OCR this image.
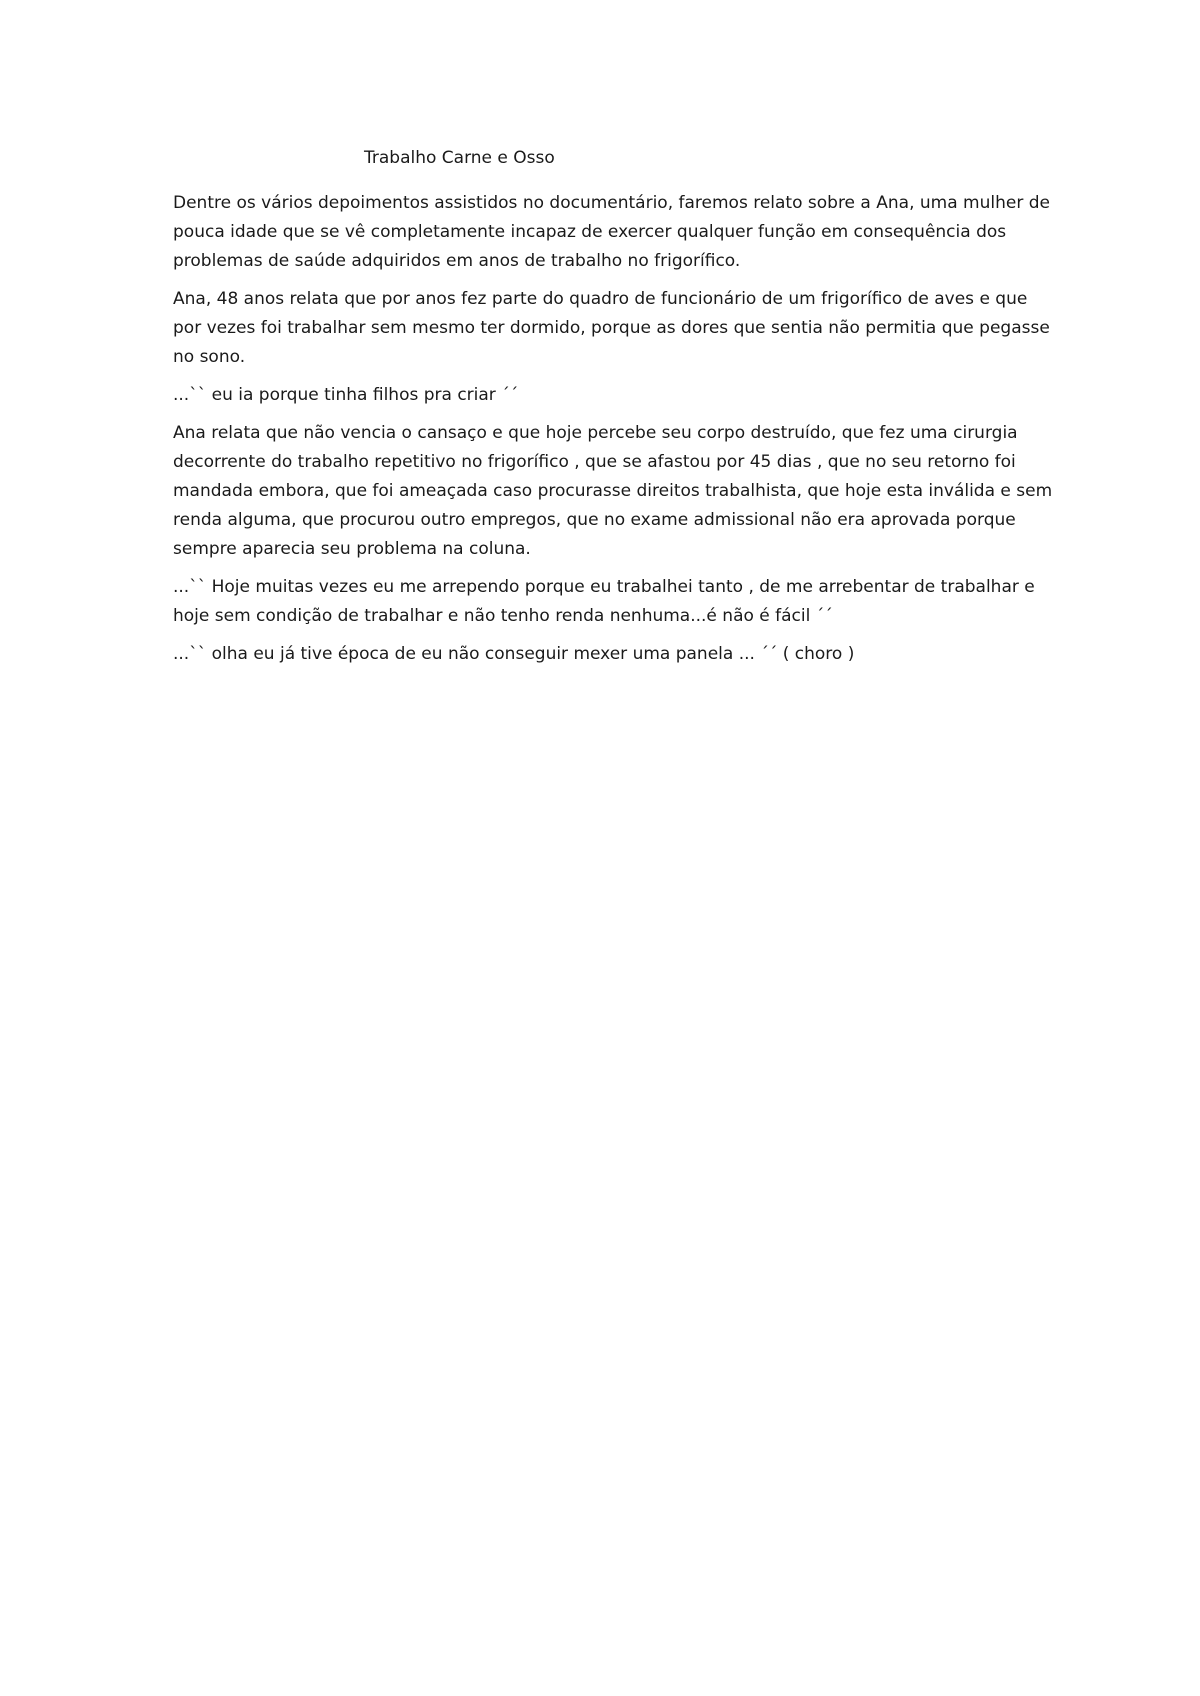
Trabalho Carne e Osso

Dentre os vários depoimentos assistidos no documentário, faremos relato sobre a Ana, uma mulher de pouca idade que se vê completamente incapaz de exercer qualquer função em consequência dos problemas de saúde adquiridos em anos de trabalho no frigorífico.

Ana, 48 anos relata que por anos fez parte do quadro de funcionário de um frigorífico de aves e que por vezes foi trabalhar sem mesmo ter dormido, porque as dores que sentia não permitia que pegasse no sono.

...`` eu ia porque tinha filhos pra criar ´´

Ana relata que não vencia o cansaço e que hoje percebe seu corpo destruído, que fez uma cirurgia decorrente do trabalho repetitivo no frigorífico , que se afastou por 45 dias , que no seu retorno foi mandada embora, que foi ameaçada caso procurasse direitos trabalhista, que hoje esta inválida e sem renda alguma, que procurou outro empregos, que no exame admissional não era aprovada porque sempre aparecia seu problema na coluna.

...`` Hoje muitas vezes eu me arrependo porque eu trabalhei tanto , de me arrebentar de trabalhar e hoje sem condição de trabalhar e não tenho renda nenhuma...é não é fácil ´´

...`` olha eu já tive época de eu não conseguir mexer uma panela ... ´´ ( choro )
